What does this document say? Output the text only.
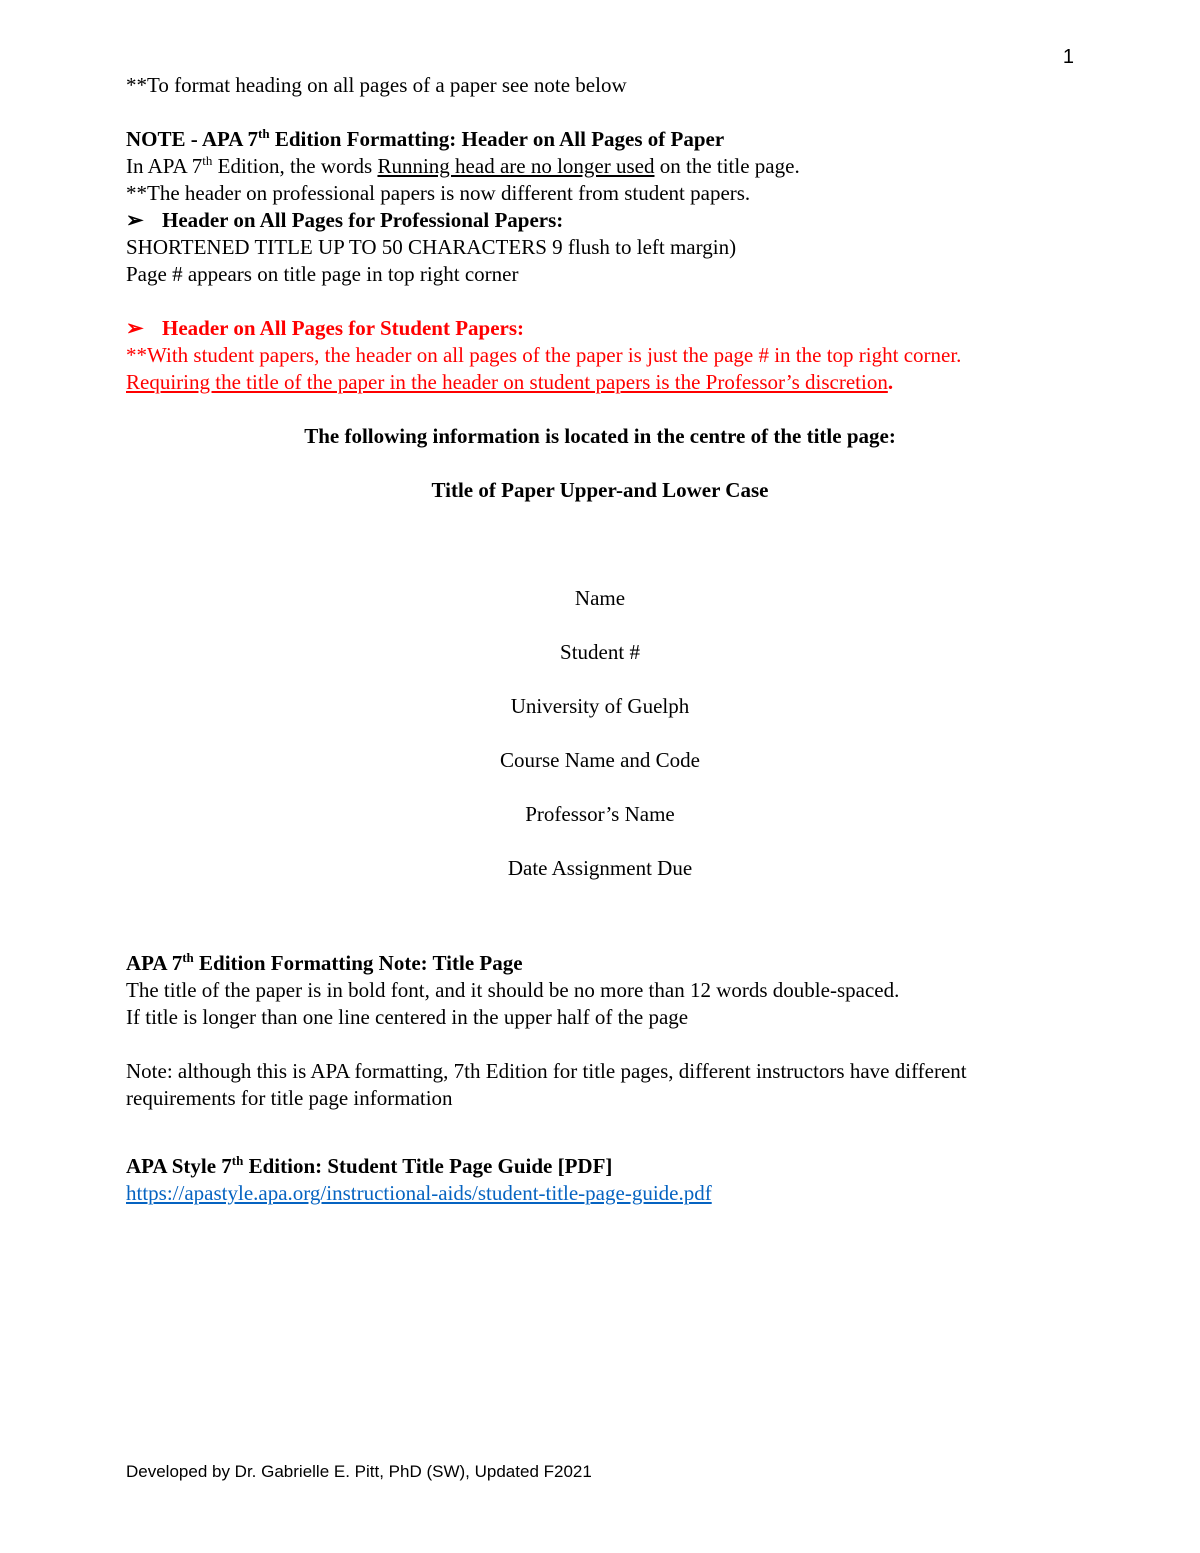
1

**To format heading on all pages of a paper see note below

NOTE - APA 7th Edition Formatting: Header on All Pages of Paper

In APA 7th Edition, the words Running head are no longer used on the title page.

**The header on professional papers is now different from student papers.

➢ Header on All Pages for Professional Papers:

SHORTENED TITLE UP TO 50 CHARACTERS 9 flush to left margin)

Page # appears on title page in top right corner

➢ Header on All Pages for Student Papers:

**With student papers, the header on all pages of the paper is just the page # in the top right corner.

Requiring the title of the paper in the header on student papers is the Professor’s discretion.

The following information is located in the centre of the title page:

Title of Paper Upper-and Lower Case

Name

Student #

University of Guelph

Course Name and Code

Professor’s Name

Date Assignment Due

APA 7th Edition Formatting Note: Title Page

The title of the paper is in bold font, and it should be no more than 12 words double-spaced.

If title is longer than one line centered in the upper half of the page

Note: although this is APA formatting, 7th Edition for title pages, different instructors have different requirements for title page information

APA Style 7th Edition: Student Title Page Guide [PDF]

https://apastyle.apa.org/instructional-aids/student-title-page-guide.pdf

Developed by Dr. Gabrielle E. Pitt, PhD (SW), Updated F2021
